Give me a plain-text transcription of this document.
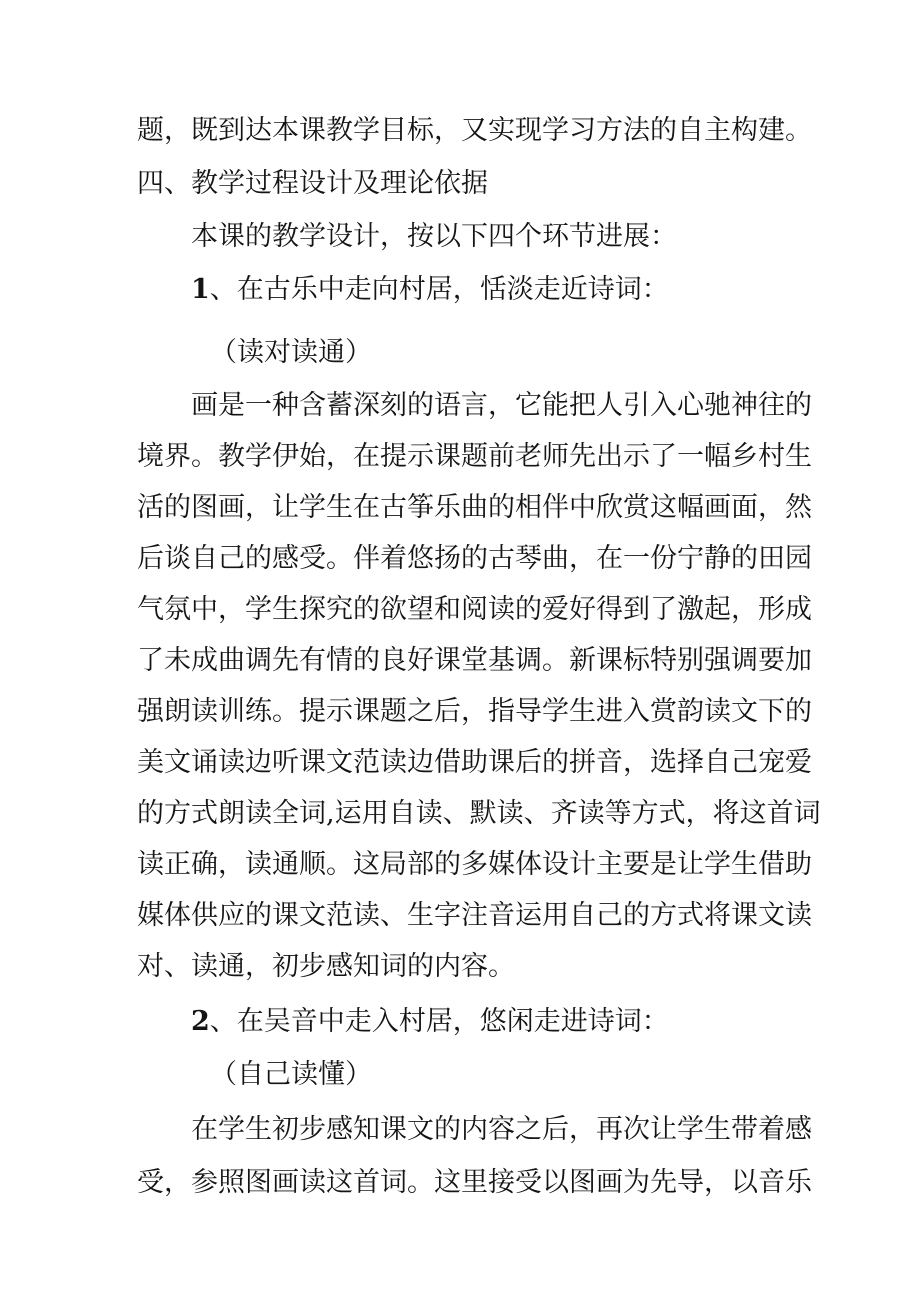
题，既到达本课教学目标，又实现学习方法的自主构建。

四、教学过程设计及理论依据

本课的教学设计，按以下四个环节进展：

1、在古乐中走向村居，恬淡走近诗词：

（读对读通）

画是一种含蓄深刻的语言，它能把人引入心驰神往的

境界。教学伊始，在提示课题前老师先出示了一幅乡村生

活的图画，让学生在古筝乐曲的相伴中欣赏这幅画面，然

后谈自己的感受。伴着悠扬的古琴曲，在一份宁静的田园

气氛中，学生探究的欲望和阅读的爱好得到了激起，形成

了未成曲调先有情的良好课堂基调。新课标特别强调要加

强朗读训练。提示课题之后，指导学生进入赏韵读文下的

美文诵读边听课文范读边借助课后的拼音，选择自己宠爱

的方式朗读全词,运用自读、默读、齐读等方式，将这首词

读正确，读通顺。这局部的多媒体设计主要是让学生借助

媒体供应的课文范读、生字注音运用自己的方式将课文读

对、读通，初步感知词的内容。

2、在吴音中走入村居，悠闲走进诗词：

（自己读懂）

在学生初步感知课文的内容之后，再次让学生带着感

受，参照图画读这首词。这里接受以图画为先导，以音乐
